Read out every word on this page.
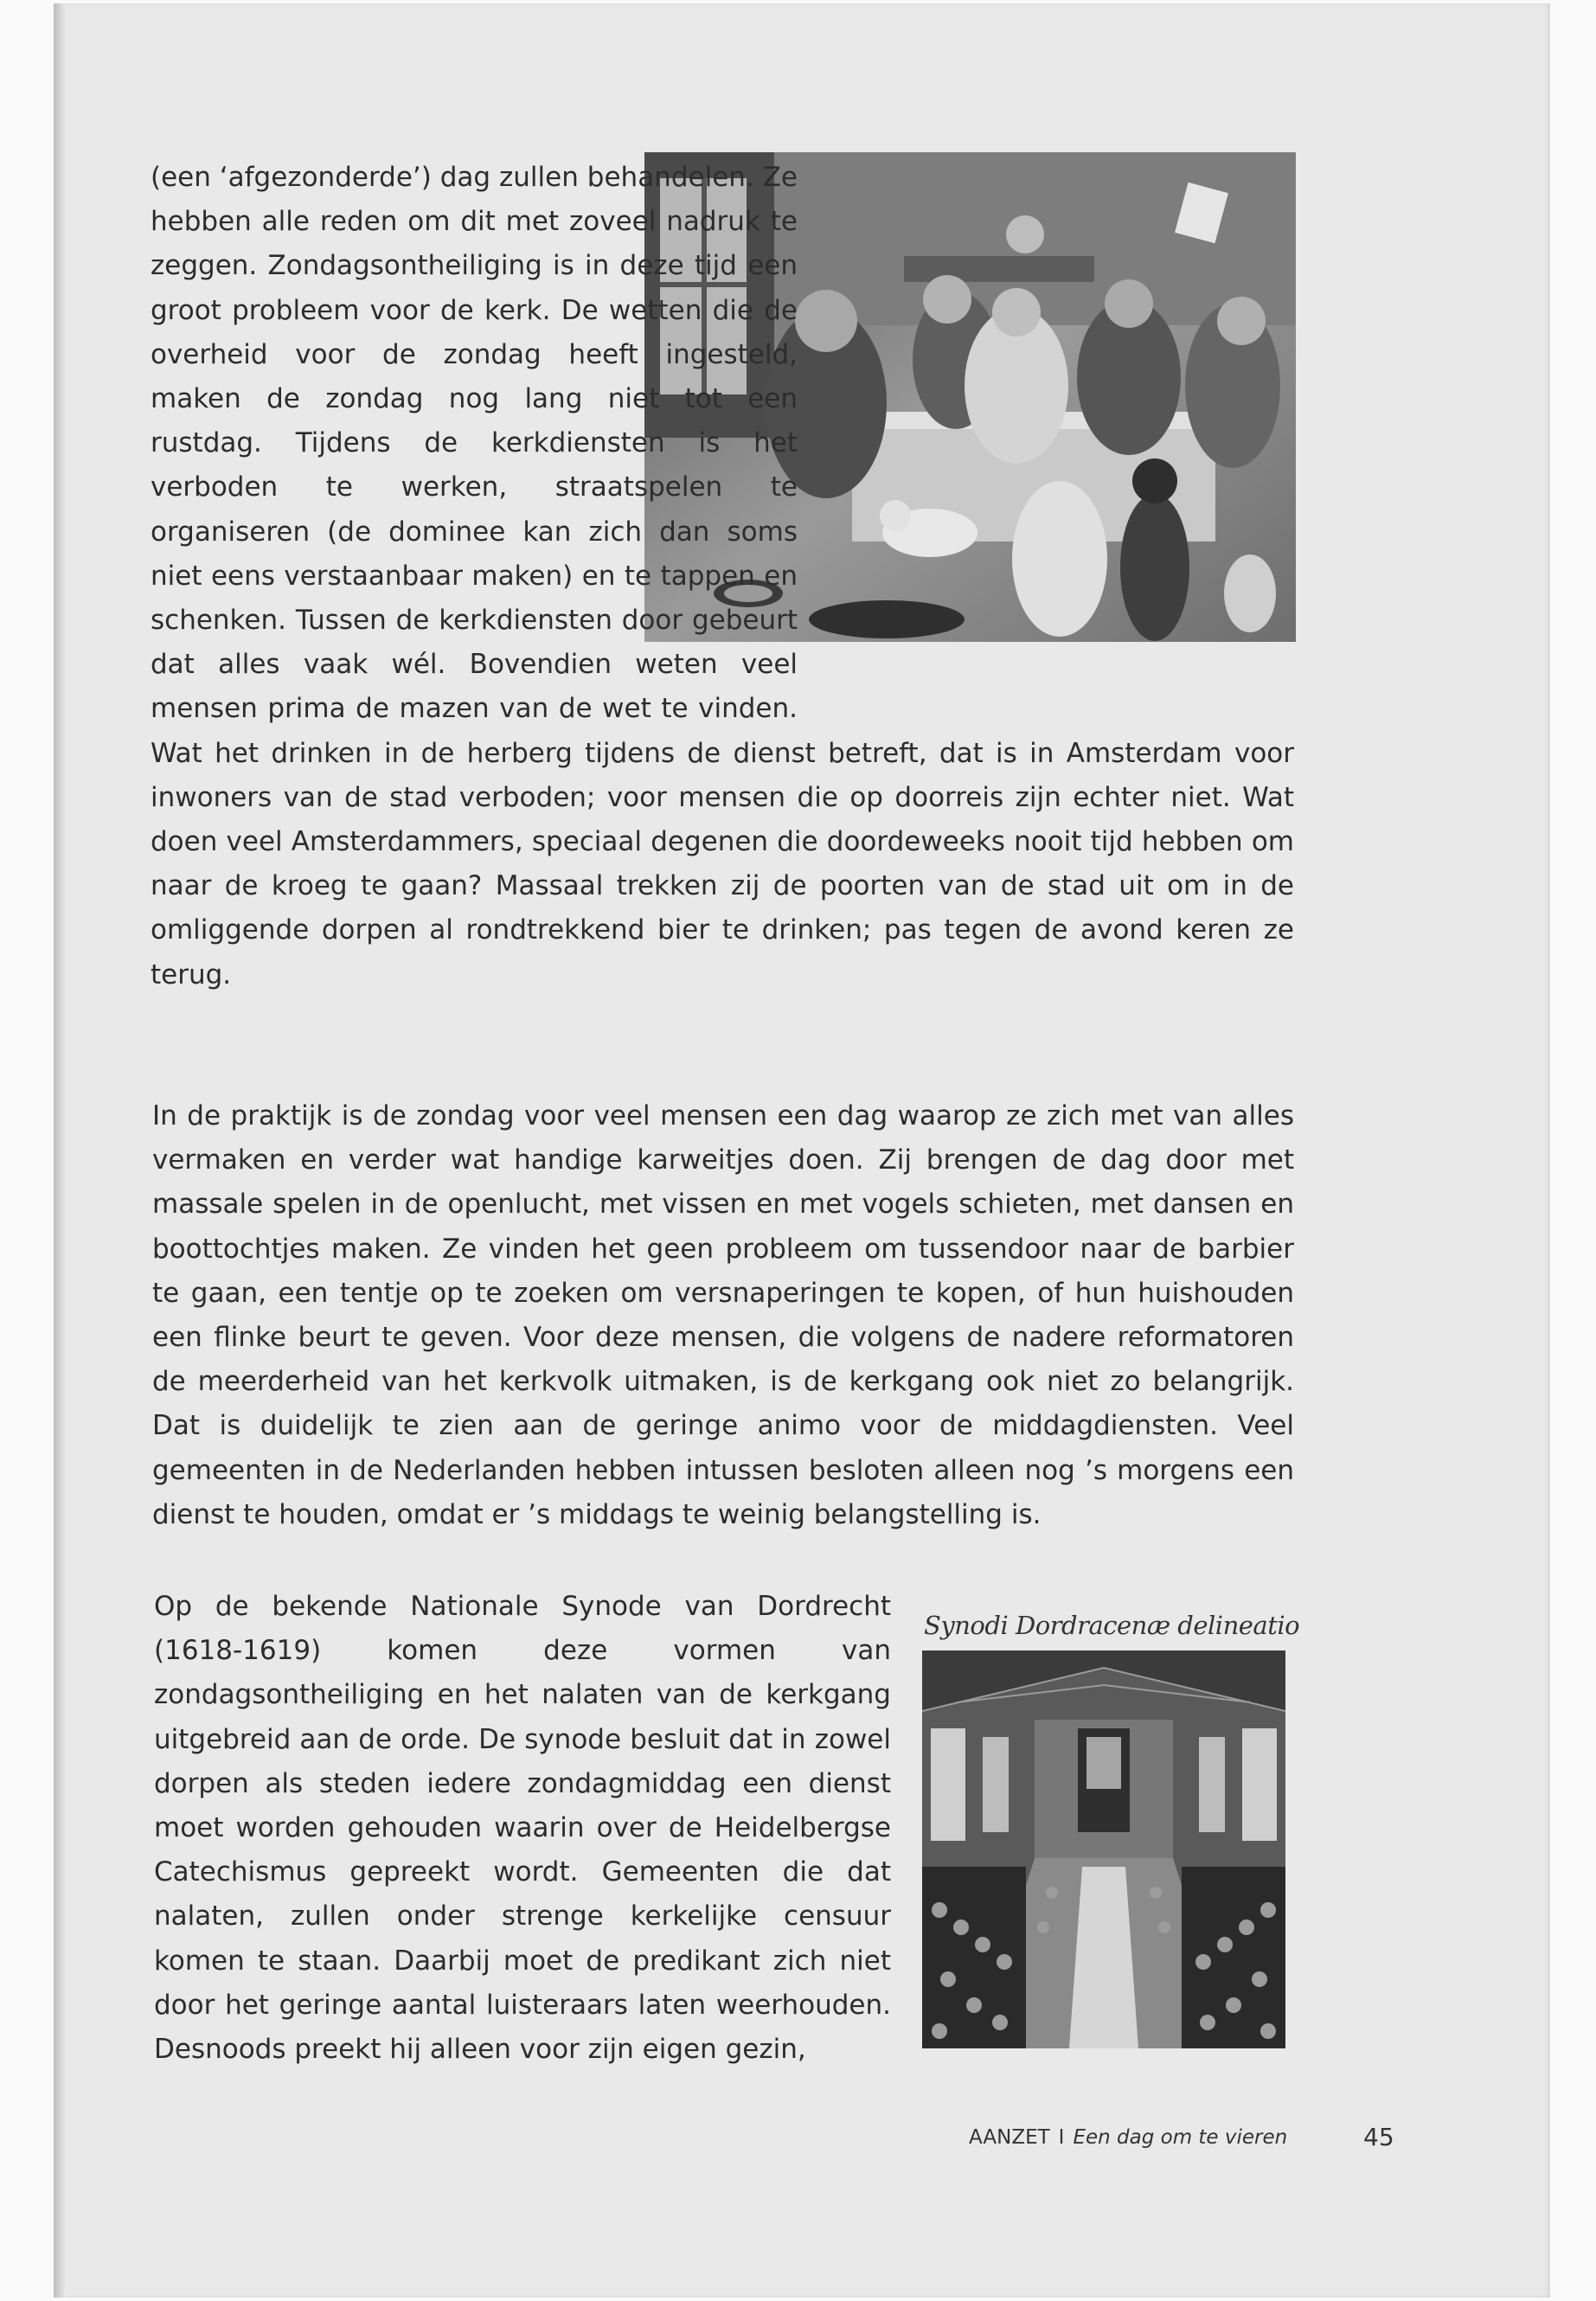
(een ‘afgezonderde’) dag zullen behandelen. Ze hebben alle reden om dit met zoveel nadruk te zeggen. Zondagsontheiliging is in deze tijd een groot probleem voor de kerk. De wetten die de overheid voor de zondag heeft ingesteld, maken de zondag nog lang niet tot een rustdag. Tijdens de kerkdiensten is het verboden te werken, straatspelen te organiseren (de dominee kan zich dan soms niet eens verstaanbaar maken) en te tappen en schenken. Tussen de kerkdiensten door gebeurt dat alles vaak wél. Bovendien weten veel mensen prima de mazen van de wet te vinden. Wat het drinken in de herberg tijdens de dienst betreft, dat is in Amsterdam voor inwoners van de stad verboden; voor mensen die op doorreis zijn echter niet. Wat doen veel Amsterdammers, speciaal degenen die doordeweeks nooit tijd hebben om naar de kroeg te gaan? Massaal trekken zij de poorten van de stad uit om in de omliggende dorpen al rondtrekkend bier te drinken; pas tegen de avond keren ze terug.

In de praktijk is de zondag voor veel mensen een dag waarop ze zich met van alles vermaken en verder wat handige karweitjes doen. Zij brengen de dag door met massale spelen in de openlucht, met vissen en met vogels schieten, met dansen en boottochtjes maken. Ze vinden het geen probleem om tussendoor naar de barbier te gaan, een tentje op te zoeken om versnaperingen te kopen, of hun huishouden een flinke beurt te geven. Voor deze mensen, die volgens de nadere reformatoren de meerderheid van het kerkvolk uitmaken, is de kerkgang ook niet zo belangrijk. Dat is duidelijk te zien aan de geringe animo voor de middagdiensten. Veel gemeenten in de Nederlanden hebben intussen besloten alleen nog ’s morgens een dienst te houden, omdat er ’s middags te weinig belangstelling is.

Synodi Dordracenæ delineatio

Op de bekende Nationale Synode van Dordrecht (1618-1619) komen deze vormen van zondagsontheiliging en het nalaten van de kerkgang uitgebreid aan de orde. De synode besluit dat in zowel dorpen als steden iedere zondagmiddag een dienst moet worden gehouden waarin over de Heidelbergse Catechismus gepreekt wordt. Gemeenten die dat nalaten, zullen onder strenge kerkelijke censuur komen te staan. Daarbij moet de predikant zich niet door het geringe aantal luisteraars laten weerhouden. Desnoods preekt hij alleen voor zijn eigen gezin,

AANZET I Een dag om te vieren	45
